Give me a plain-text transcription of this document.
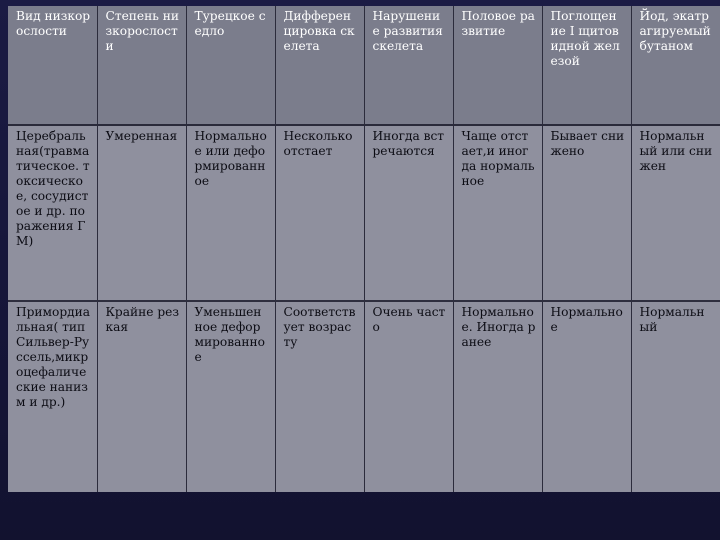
Вид низкорослости	Степень низкорослости	Турецкое седло	Дифференцировка скелета	Нарушение развития скелета	Половое развитие	Поглощение I щитовидной железой	Йод, экатрагируемый бутаном
Церебральная(травматическое. токсическое, сосудистое и др. поражения ГМ)	Умеренная	Нормальное или деформированное	Несколько отстает	Иногда встречаются	Чаще отстает,и иногда нормальное	Бывает снижено	Нормальный или снижен
Примордиальная( тип Сильвер-Руссель,микроцефалические нанизм и др.)	Крайне резкая	Уменьшенное деформированное	Соответствует возрасту	Очень часто	Нормальное. Иногда ранее	Нормальное	Нормальный
